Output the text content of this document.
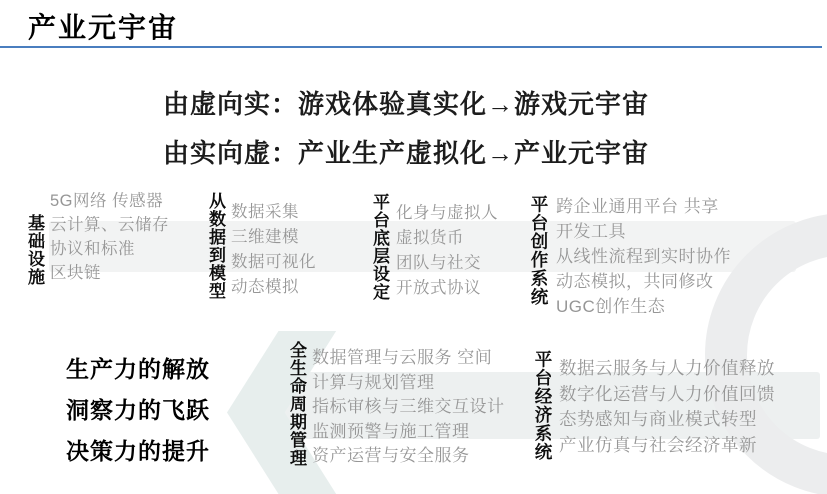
产业元宇宙
由虚向实：游戏体验真实化→游戏元宇宙
由实向虚：产业生产虚拟化→产业元宇宙
基础设施
5G网络 传感器
云计算、云储存
协议和标准
区块链	从数据到模型 数据采集
三维建模
数据可视化
动态模拟	平台底层设定 化身与虚拟人
虚拟货币
团队与社交
开放式协议	平台创作系统 跨企业通用平台 共享
开发工具
从线性流程到实时协作
动态模拟，共同修改
UGC创作生态
生产力的解放
洞察力的飞跃
决策力的提升	全生命周期管理 数据管理与云服务 空间
计算与规划管理
指标审核与三维交互设计
监测预警与施工管理
资产运营与安全服务	平台经济系统 数据云服务与人力价值释放
数字化运营与人力价值回馈
态势感知与商业模式转型
产业仿真与社会经济革新
